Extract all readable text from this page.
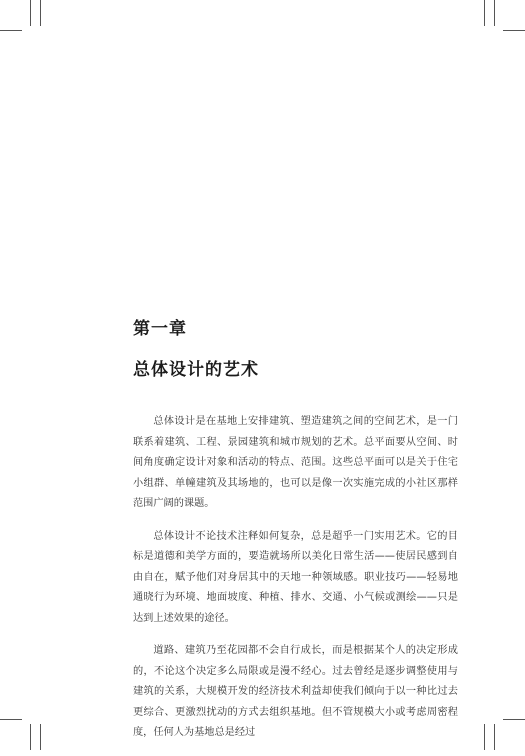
第一章
总体设计的艺术

总体设计是在基地上安排建筑、塑造建筑之间的空间艺术，是一门联系着建筑、工程、景园建筑和城市规划的艺术。总平面要从空间、时间角度确定设计对象和活动的特点、范围。这些总平面可以是关于住宅小组群、单幢建筑及其场地的，也可以是像一次实施完成的小社区那样范围广阔的课题。

总体设计不论技术注释如何复杂，总是超乎一门实用艺术。它的目标是道德和美学方面的，要造就场所以美化日常生活——使居民感到自由自在，赋予他们对身居其中的天地一种领域感。职业技巧——轻易地通晓行为环境、地面坡度、种植、排水、交通、小气候或测绘——只是达到上述效果的途径。

道路、建筑乃至花园都不会自行成长，而是根据某个人的决定形成的，不论这个决定多么局限或是漫不经心。过去曾经是逐步调整使用与建筑的关系，大规模开发的经济技术利益却使我们倾向于以一种比过去更综合、更激烈扰动的方式去组织基地。但不管规模大小或考虑周密程度，任何人为基地总是经过
